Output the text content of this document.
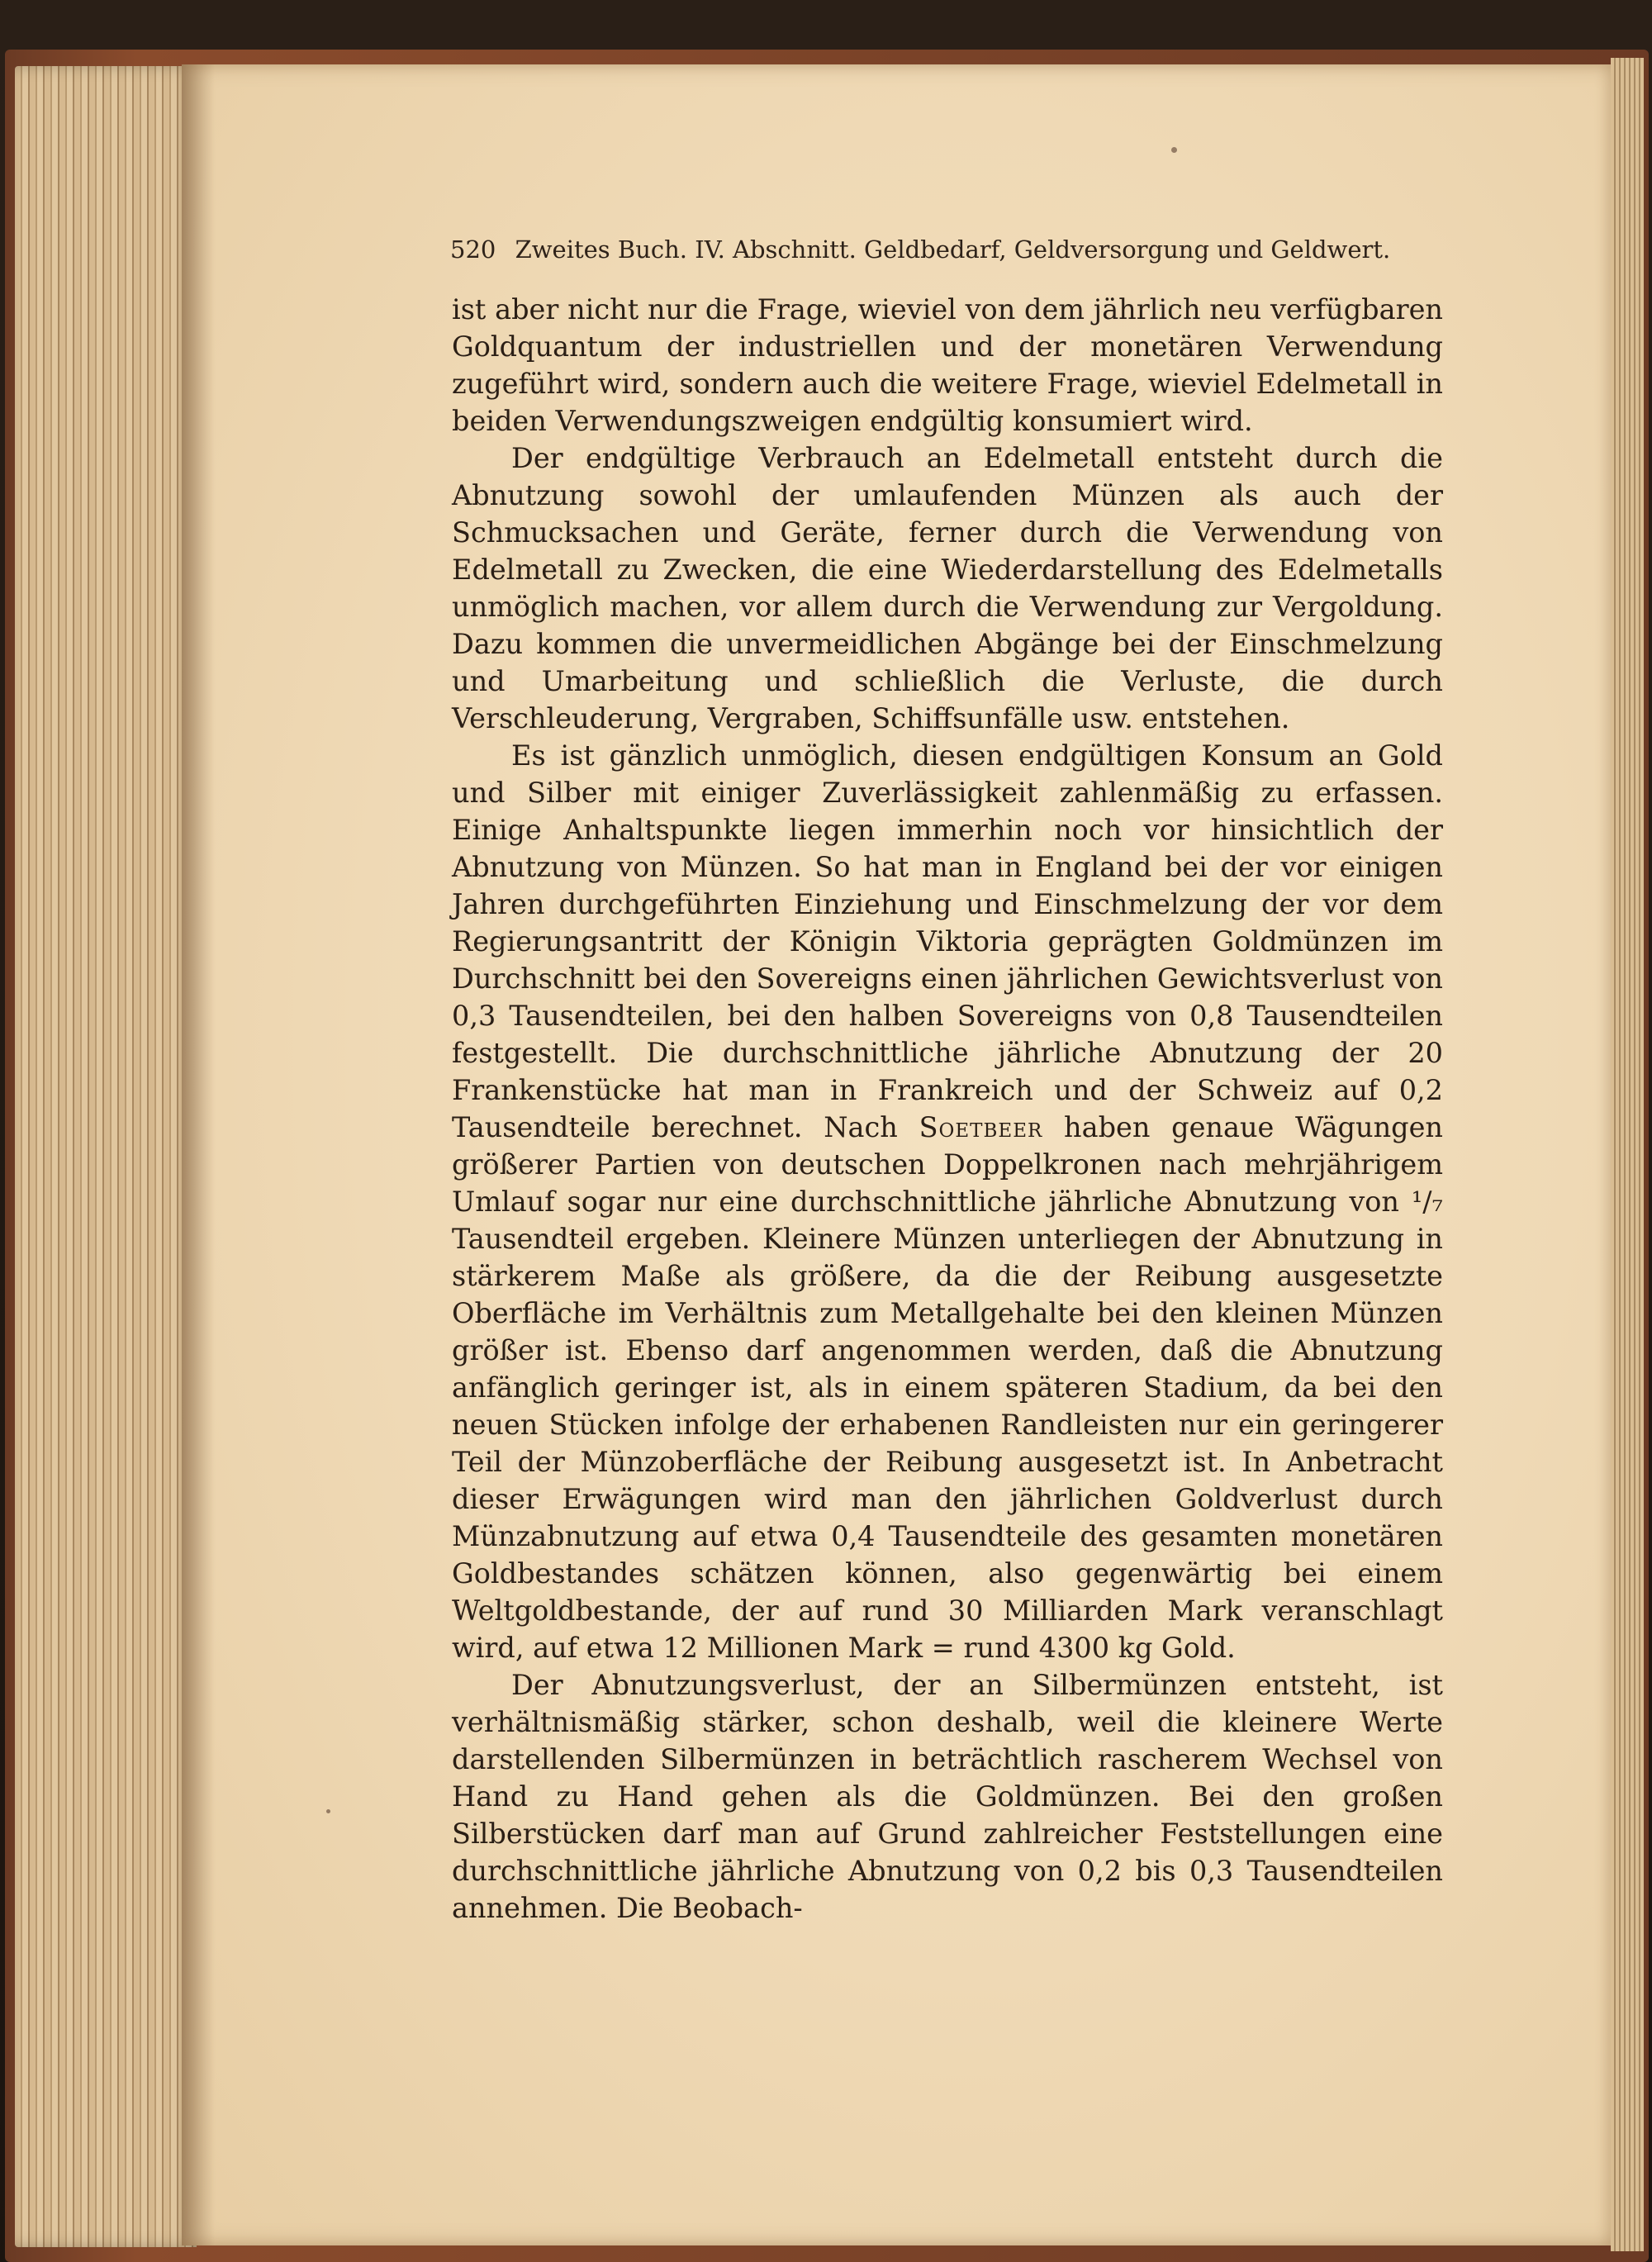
520 Zweites Buch. IV. Abschnitt. Geldbedarf, Geldversorgung und Geldwert.

ist aber nicht nur die Frage, wieviel von dem jährlich neu verfügbaren Goldquantum der industriellen und der monetären Verwendung zugeführt wird, sondern auch die weitere Frage, wieviel Edelmetall in beiden Verwendungszweigen endgültig konsumiert wird.

Der endgültige Verbrauch an Edelmetall entsteht durch die Abnutzung sowohl der umlaufenden Münzen als auch der Schmucksachen und Geräte, ferner durch die Verwendung von Edelmetall zu Zwecken, die eine Wiederdarstellung des Edelmetalls unmöglich machen, vor allem durch die Verwendung zur Vergoldung. Dazu kommen die unvermeidlichen Abgänge bei der Einschmelzung und Umarbeitung und schließlich die Verluste, die durch Verschleuderung, Vergraben, Schiffsunfälle usw. entstehen.

Es ist gänzlich unmöglich, diesen endgültigen Konsum an Gold und Silber mit einiger Zuverlässigkeit zahlenmäßig zu erfassen. Einige Anhaltspunkte liegen immerhin noch vor hinsichtlich der Abnutzung von Münzen. So hat man in England bei der vor einigen Jahren durchgeführten Einziehung und Einschmelzung der vor dem Regierungsantritt der Königin Viktoria geprägten Goldmünzen im Durchschnitt bei den Sovereigns einen jährlichen Gewichtsverlust von 0,3 Tausendteilen, bei den halben Sovereigns von 0,8 Tausendteilen festgestellt. Die durchschnittliche jährliche Abnutzung der 20 Frankenstücke hat man in Frankreich und der Schweiz auf 0,2 Tausendteile berechnet. Nach Soetbeer haben genaue Wägungen größerer Partien von deutschen Doppelkronen nach mehrjährigem Umlauf sogar nur eine durchschnittliche jährliche Abnutzung von ¹/₇ Tausendteil ergeben. Kleinere Münzen unterliegen der Abnutzung in stärkerem Maße als größere, da die der Reibung ausgesetzte Oberfläche im Verhältnis zum Metallgehalte bei den kleinen Münzen größer ist. Ebenso darf angenommen werden, daß die Abnutzung anfänglich geringer ist, als in einem späteren Stadium, da bei den neuen Stücken infolge der erhabenen Randleisten nur ein geringerer Teil der Münzoberfläche der Reibung ausgesetzt ist. In Anbetracht dieser Erwägungen wird man den jährlichen Goldverlust durch Münzabnutzung auf etwa 0,4 Tausendteile des gesamten monetären Goldbestandes schätzen können, also gegenwärtig bei einem Weltgoldbestande, der auf rund 30 Milliarden Mark veranschlagt wird, auf etwa 12 Millionen Mark = rund 4300 kg Gold.

Der Abnutzungsverlust, der an Silbermünzen entsteht, ist verhältnismäßig stärker, schon deshalb, weil die kleinere Werte darstellenden Silbermünzen in beträchtlich rascherem Wechsel von Hand zu Hand gehen als die Goldmünzen. Bei den großen Silberstücken darf man auf Grund zahlreicher Feststellungen eine durchschnittliche jährliche Abnutzung von 0,2 bis 0,3 Tausendteilen annehmen. Die Beobach-
